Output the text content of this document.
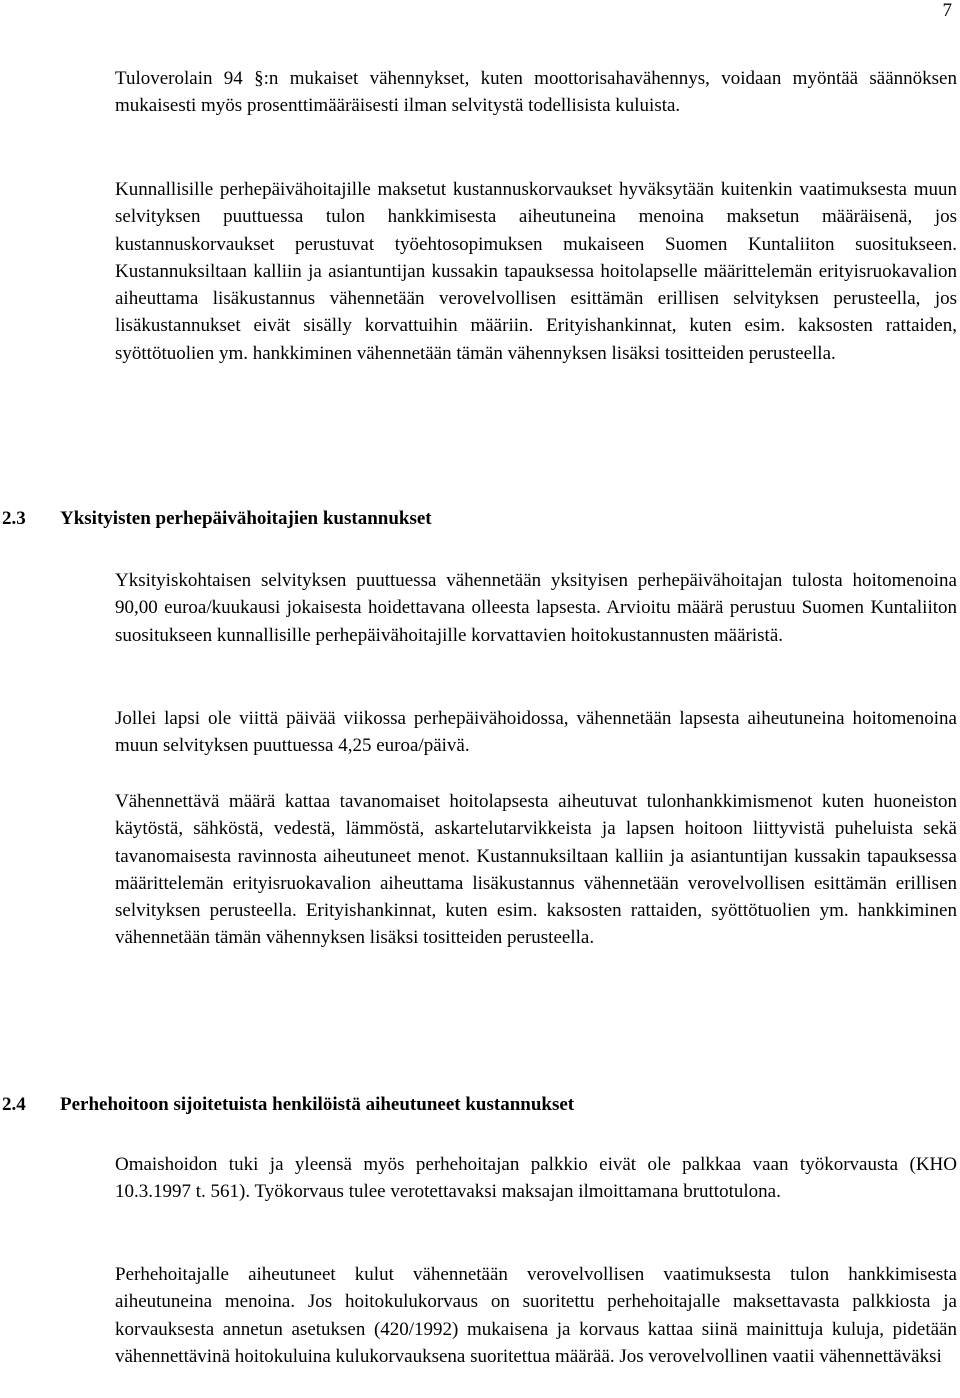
7

Tuloverolain 94 §:n mukaiset vähennykset, kuten moottorisahavähennys, voidaan myöntää säännöksen mukaisesti myös prosenttimääräisesti ilman selvitystä todellisista kuluista.

Kunnallisille perhepäivähoitajille maksetut kustannuskorvaukset hyväksytään kuitenkin vaatimuksesta muun selvityksen puuttuessa tulon hankkimisesta aiheutuneina menoina maksetun määräisenä, jos kustannuskorvaukset perustuvat työehtosopimuksen mukaiseen Suomen Kuntaliiton suositukseen. Kustannuksiltaan kalliin ja asiantuntijan kussakin tapauksessa hoitolapselle määrittelemän erityisruokavalion aiheuttama lisäkustannus vähennetään verovelvollisen esittämän erillisen selvityksen perusteella, jos lisäkustannukset eivät sisälly korvattuihin määriin. Erityishankinnat, kuten esim. kaksosten rattaiden, syöttötuolien ym. hankkiminen vähennetään tämän vähennyksen lisäksi tositteiden perusteella.

2.3 Yksityisten perhepäivähoitajien kustannukset

Yksityiskohtaisen selvityksen puuttuessa vähennetään yksityisen perhepäivähoitajan tulosta hoitomenoina 90,00 euroa/kuukausi jokaisesta hoidettavana olleesta lapsesta. Arvioitu määrä perustuu Suomen Kuntaliiton suositukseen kunnallisille perhepäivähoitajille korvattavien hoitokustannusten määristä.

Jollei lapsi ole viittä päivää viikossa perhepäivähoidossa, vähennetään lapsesta aiheutuneina hoitomenoina muun selvityksen puuttuessa 4,25 euroa/päivä.

Vähennettävä määrä kattaa tavanomaiset hoitolapsesta aiheutuvat tulonhankkimismenot kuten huoneiston käytöstä, sähköstä, vedestä, lämmöstä, askartelutarvikkeista ja lapsen hoitoon liittyvistä puheluista sekä tavanomaisesta ravinnosta aiheutuneet menot. Kustannuksiltaan kalliin ja asiantuntijan kussakin tapauksessa määrittelemän erityisruokavalion aiheuttama lisäkustannus vähennetään verovelvollisen esittämän erillisen selvityksen perusteella. Erityishankinnat, kuten esim. kaksosten rattaiden, syöttötuolien ym. hankkiminen vähennetään tämän vähennyksen lisäksi tositteiden perusteella.

2.4 Perhehoitoon sijoitetuista henkilöistä aiheutuneet kustannukset

Omaishoidon tuki ja yleensä myös perhehoitajan palkkio eivät ole palkkaa vaan työkorvausta (KHO 10.3.1997 t. 561). Työkorvaus tulee verotettavaksi maksajan ilmoittamana bruttotulona.

Perhehoitajalle aiheutuneet kulut vähennetään verovelvollisen vaatimuksesta tulon hankkimisesta aiheutuneina menoina. Jos hoitokulukorvaus on suoritettu perhehoitajalle maksettavasta palkkiosta ja korvauksesta annetun asetuksen (420/1992) mukaisena ja korvaus kattaa siinä mainittuja kuluja, pidetään vähennettävinä hoitokuluina kulukorvauksena suoritettua määrää. Jos verovelvollinen vaatii vähennettäväksi
